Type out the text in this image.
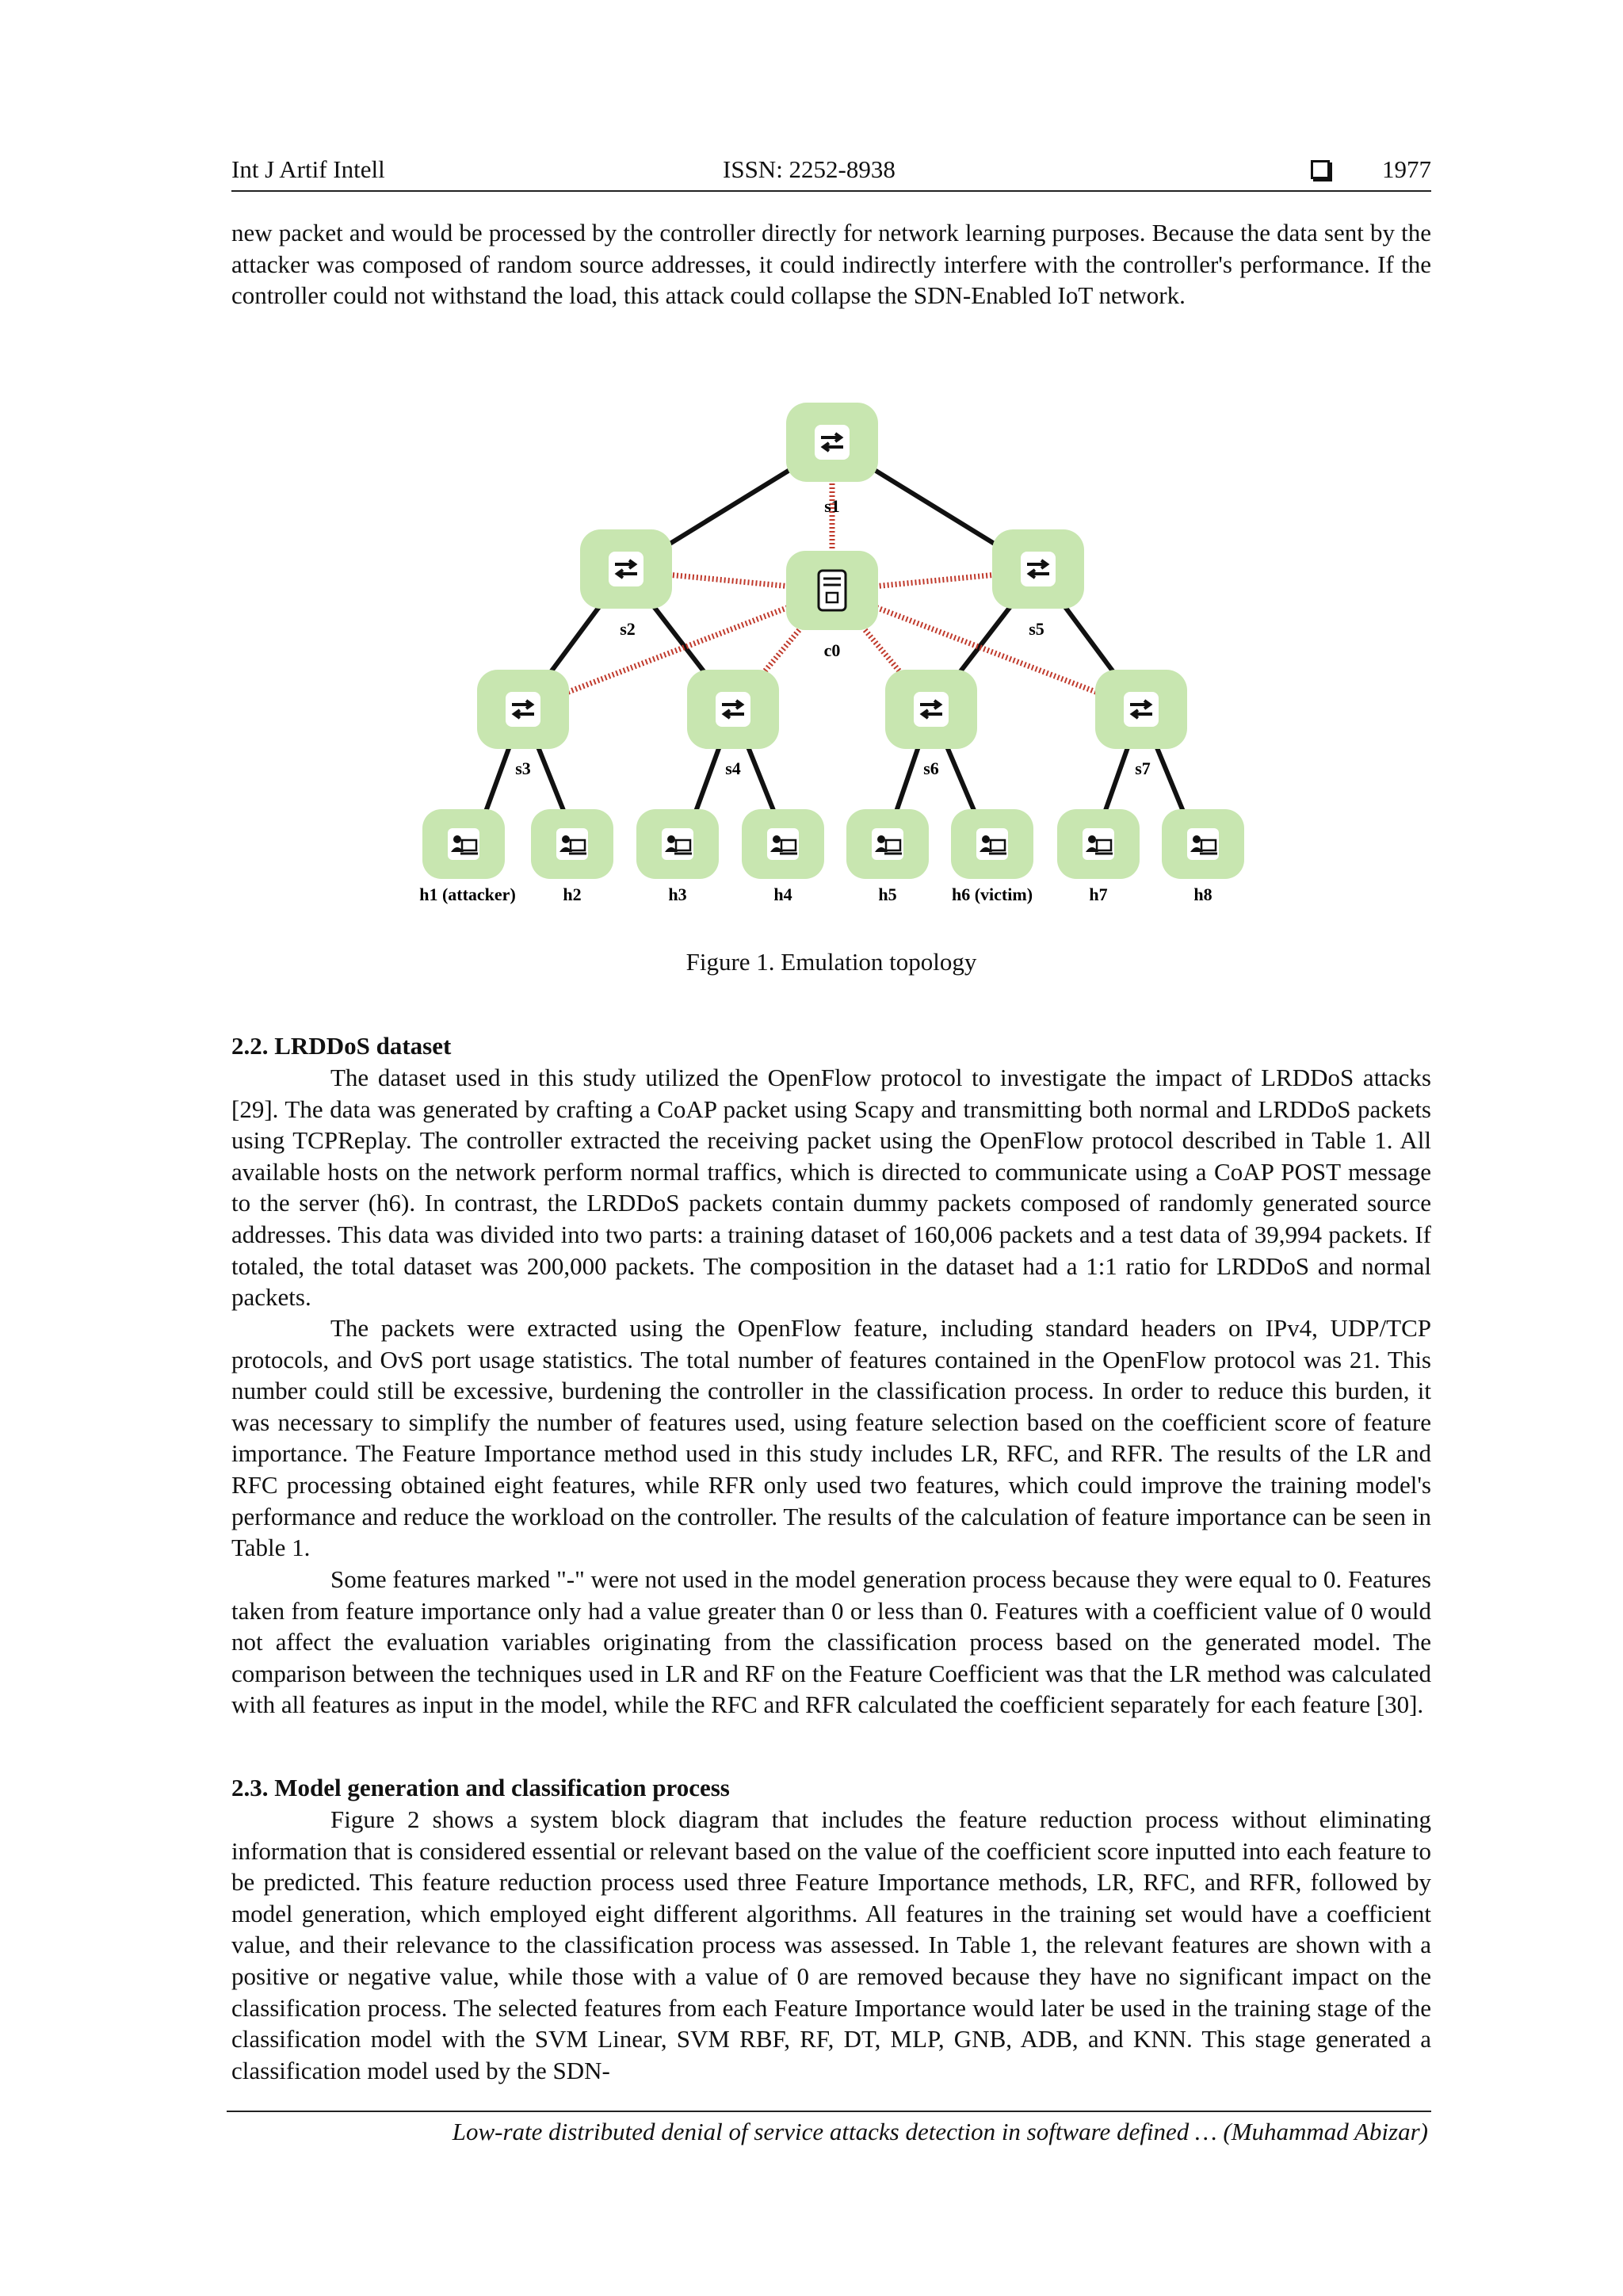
Int J Artif Intell	ISSN: 2252-8938	1977

new packet and would be processed by the controller directly for network learning purposes. Because the data sent by the attacker was composed of random source addresses, it could indirectly interfere with the controller's performance. If the controller could not withstand the load, this attack could collapse the SDN-Enabled IoT network.

c0
s1
s2	s5
s3	s4	s6	s7
h1 (attacker)	h2	h3	h4	h5	h6 (victim)	h7	h8
Figure 1. Emulation topology
2.2. LRDDoS dataset

The dataset used in this study utilized the OpenFlow protocol to investigate the impact of LRDDoS attacks [29]. The data was generated by crafting a CoAP packet using Scapy and transmitting both normal and LRDDoS packets using TCPReplay. The controller extracted the receiving packet using the OpenFlow protocol described in Table 1. All available hosts on the network perform normal traffics, which is directed to communicate using a CoAP POST message to the server (h6). In contrast, the LRDDoS packets contain dummy packets composed of randomly generated source addresses. This data was divided into two parts: a training dataset of 160,006 packets and a test data of 39,994 packets. If totaled, the total dataset was 200,000 packets. The composition in the dataset had a 1:1 ratio for LRDDoS and normal packets.

The packets were extracted using the OpenFlow feature, including standard headers on IPv4, UDP/TCP protocols, and OvS port usage statistics. The total number of features contained in the OpenFlow protocol was 21. This number could still be excessive, burdening the controller in the classification process. In order to reduce this burden, it was necessary to simplify the number of features used, using feature selection based on the coefficient score of feature importance. The Feature Importance method used in this study includes LR, RFC, and RFR. The results of the LR and RFC processing obtained eight features, while RFR only used two features, which could improve the training model's performance and reduce the workload on the controller. The results of the calculation of feature importance can be seen in Table 1.

Some features marked "-" were not used in the model generation process because they were equal to 0. Features taken from feature importance only had a value greater than 0 or less than 0. Features with a coefficient value of 0 would not affect the evaluation variables originating from the classification process based on the generated model. The comparison between the techniques used in LR and RF on the Feature Coefficient was that the LR method was calculated with all features as input in the model, while the RFC and RFR calculated the coefficient separately for each feature [30].

2.3. Model generation and classification process

Figure 2 shows a system block diagram that includes the feature reduction process without eliminating information that is considered essential or relevant based on the value of the coefficient score inputted into each feature to be predicted. This feature reduction process used three Feature Importance methods, LR, RFC, and RFR, followed by model generation, which employed eight different algorithms. All features in the training set would have a coefficient value, and their relevance to the classification process was assessed. In Table 1, the relevant features are shown with a positive or negative value, while those with a value of 0 are removed because they have no significant impact on the classification process. The selected features from each Feature Importance would later be used in the training stage of the classification model with the SVM Linear, SVM RBF, RF, DT, MLP, GNB, ADB, and KNN. This stage generated a classification model used by the SDN-

Low-rate distributed denial of service attacks detection in software defined … (Muhammad Abizar)
